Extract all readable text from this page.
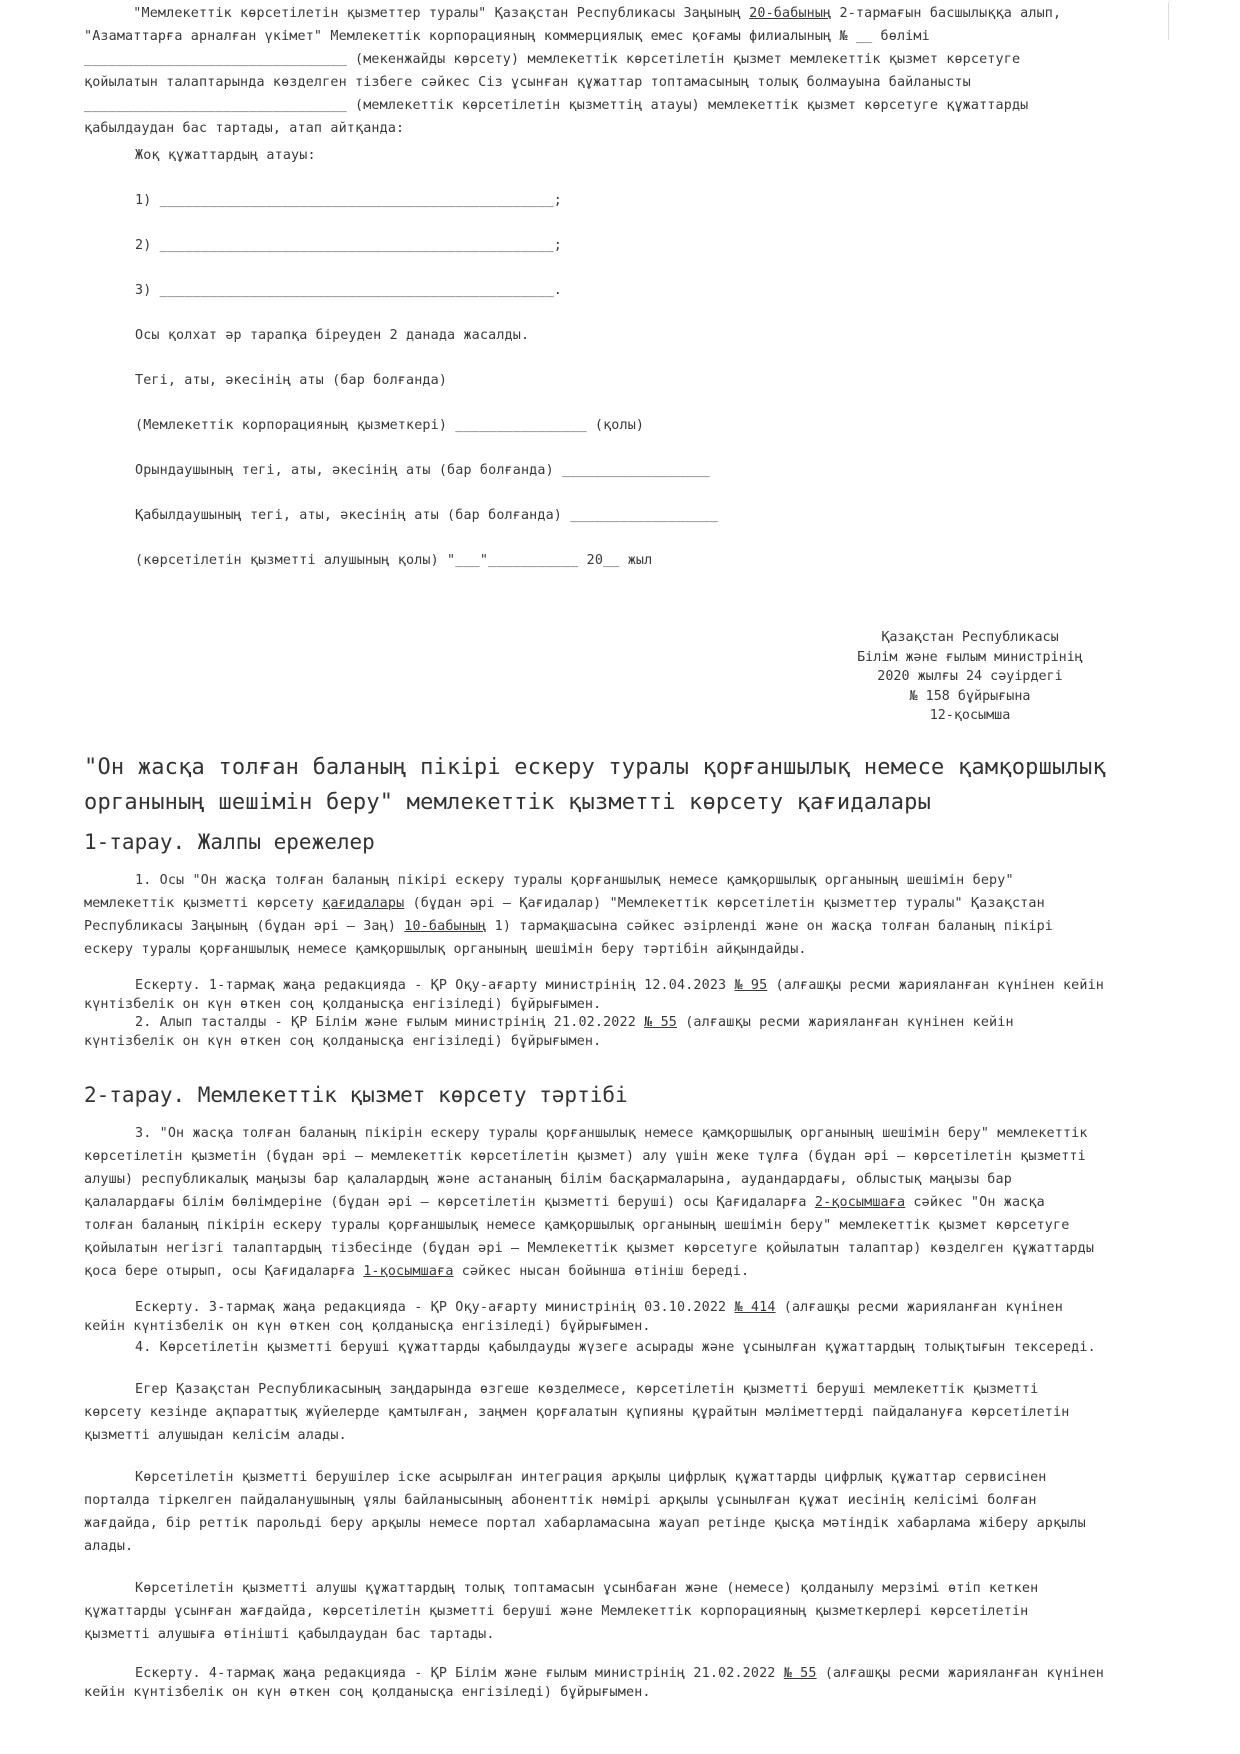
"Мемлекеттік көрсетілетін қызметтер туралы" Қазақстан Республикасы Заңының 20-бабының 2-тармағын басшылыққа алып,
"Азаматтарға арналған үкімет" Мемлекеттік корпорацияның коммерциялық емес қоғамы филиалының № __ бөлімі
________________________________ (мекенжайды көрсету) мемлекеттік көрсетілетін қызмет мемлекеттік қызмет көрсетуге
қойылатын талаптарында көзделген тізбеге сәйкес Сіз ұсынған құжаттар топтамасының толық болмауына байланысты
________________________________ (мемлекеттік көрсетілетін қызметтің атауы) мемлекеттік қызмет көрсетуге құжаттарды
қабылдаудан бас тартады, атап айтқанда:
Жоқ құжаттардың атауы:
1) ________________________________________________;
2) ________________________________________________;
3) ________________________________________________.
Осы қолхат әр тарапқа біреуден 2 данада жасалды.
Тегі, аты, әкесінің аты (бар болғанда)
(Мемлекеттік корпорацияның қызметкері) ________________ (қолы)
Орындаушының тегі, аты, әкесінің аты (бар болғанда) __________________
Қабылдаушының тегі, аты, әкесінің аты (бар болғанда) __________________
(көрсетілетін қызметті алушының қолы) "___"___________ 20__ жыл
Қазақстан Республикасы
Білім және ғылым министрінің
2020 жылғы 24 сәуірдегі
№ 158 бұйрығына
12-қосымша
"Он жасқа толған баланың пікірі ескеру туралы қорғаншылық немесе қамқоршылық
органының шешімін беру" мемлекеттік қызметті көрсету қағидалары
1-тарау. Жалпы ережелер
1. Осы "Он жасқа толған баланың пікірі ескеру туралы қорғаншылық немесе қамқоршылық органының шешімін беру"
мемлекеттік қызметті көрсету қағидалары (бұдан әрі – Қағидалар) "Мемлекеттік көрсетілетін қызметтер туралы" Қазақстан
Республикасы Заңының (бұдан әрі – Заң) 10-бабының 1) тармақшасына сәйкес әзірленді және он жасқа толған баланың пікірі
ескеру туралы қорғаншылық немесе қамқоршылық органының шешімін беру тәртібін айқындайды.
Ескерту. 1-тармақ жаңа редакцияда - ҚР Оқу-ағарту министрінің 12.04.2023 № 95 (алғашқы ресми жарияланған күнінен кейін
күнтізбелік он күн өткен соң қолданысқа енгізіледі) бұйрығымен.
2. Алып тасталды - ҚР Білім және ғылым министрінің 21.02.2022 № 55 (алғашқы ресми жарияланған күнінен кейін
күнтізбелік он күн өткен соң қолданысқа енгізіледі) бұйрығымен.
2-тарау. Мемлекеттік қызмет көрсету тәртібі
3. "Он жасқа толған баланың пікірін ескеру туралы қорғаншылық немесе қамқоршылық органының шешімін беру" мемлекеттік
көрсетілетін қызметін (бұдан әрі – мемлекеттік көрсетілетін қызмет) алу үшін жеке тұлға (бұдан әрі – көрсетілетін қызметті
алушы) республикалық маңызы бар қалалардың және астананың білім басқармаларына, аудандардағы, облыстық маңызы бар
қалалардағы білім бөлімдеріне (бұдан әрі – көрсетілетін қызметті беруші) осы Қағидаларға 2-қосымшаға сәйкес "Он жасқа
толған баланың пікірін ескеру туралы қорғаншылық немесе қамқоршылық органының шешімін беру" мемлекеттік қызмет көрсетуге
қойылатын негізгі талаптардың тізбесінде (бұдан әрі – Мемлекеттік қызмет көрсетуге қойылатын талаптар) көзделген құжаттарды
қоса бере отырып, осы Қағидаларға 1-қосымшаға сәйкес нысан бойынша өтініш береді.
Ескерту. 3-тармақ жаңа редакцияда - ҚР Оқу-ағарту министрінің 03.10.2022 № 414 (алғашқы ресми жарияланған күнінен
кейін күнтізбелік он күн өткен соң қолданысқа енгізіледі) бұйрығымен.
4. Көрсетілетін қызметті беруші құжаттарды қабылдауды жүзеге асырады және ұсынылған құжаттардың толықтығын тексереді.
Егер Қазақстан Республикасының заңдарында өзгеше көзделмесе, көрсетілетін қызметті беруші мемлекеттік қызметті
көрсету кезінде ақпараттық жүйелерде қамтылған, заңмен қорғалатын құпияны құрайтын мәліметтерді пайдалануға көрсетілетін
қызметті алушыдан келісім алады.
Көрсетілетін қызметті берушілер іске асырылған интеграция арқылы цифрлық құжаттарды цифрлық құжаттар сервисінен
порталда тіркелген пайдаланушының ұялы байланысының абоненттік нөмірі арқылы ұсынылған құжат иесінің келісімі болған
жағдайда, бір реттік парольді беру арқылы немесе портал хабарламасына жауап ретінде қысқа мәтіндік хабарлама жіберу арқылы
алады.
Көрсетілетін қызметті алушы құжаттардың толық топтамасын ұсынбаған және (немесе) қолданылу мерзімі өтіп кеткен
құжаттарды ұсынған жағдайда, көрсетілетін қызметті беруші және Мемлекеттік корпорацияның қызметкерлері көрсетілетін
қызметті алушыға өтінішті қабылдаудан бас тартады.
Ескерту. 4-тармақ жаңа редакцияда - ҚР Білім және ғылым министрінің 21.02.2022 № 55 (алғашқы ресми жарияланған күнінен
кейін күнтізбелік он күн өткен соң қолданысқа енгізіледі) бұйрығымен.
